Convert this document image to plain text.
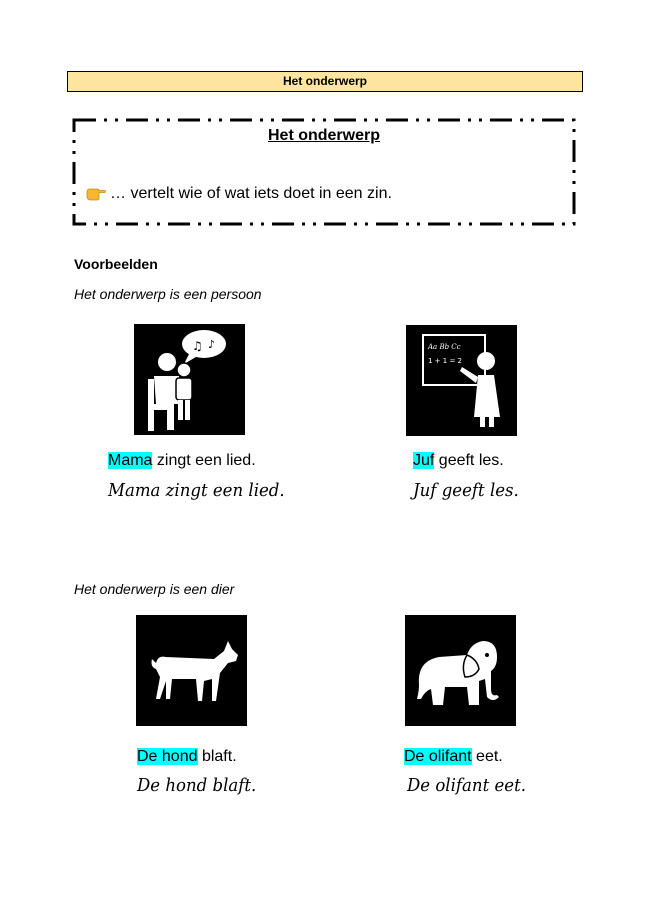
Het onderwerp
Het onderwerp
… vertelt wie of wat iets doet in een zin.
Voorbeelden
Het onderwerp is een persoon
♫ ♪
Mama zingt een lied.
Mama zingt een lied.
Aa Bb Cc
1 + 1 = 2
Juf geeft les.
Juf geeft les.
Het onderwerp is een dier
De hond blaft.
De hond blaft.
De olifant eet.
De olifant eet.
